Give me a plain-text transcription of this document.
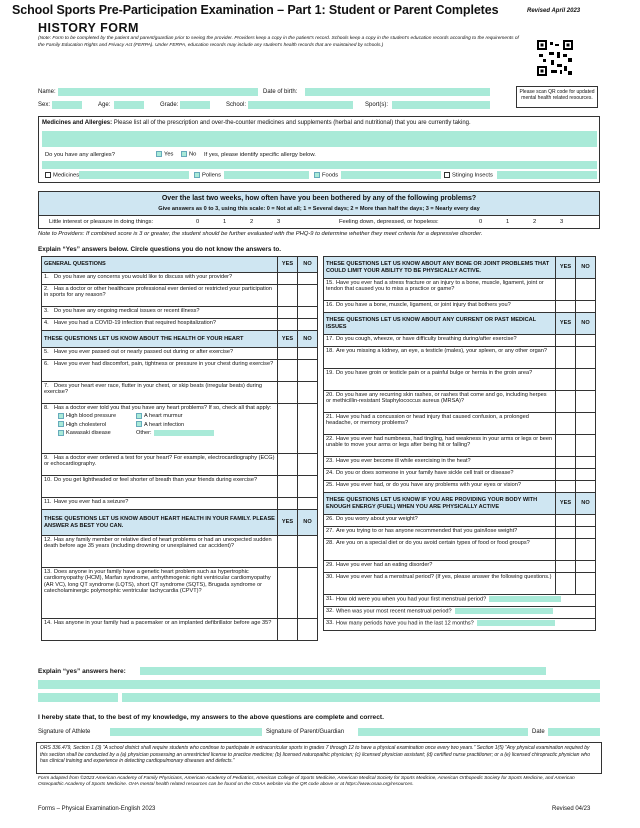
School Sports Pre-Participation Examination – Part 1: Student or Parent Completes	Revised April 2023
HISTORY FORM
(Note: Form to be completed by the patient and parent/guardian prior to seeing the provider. Providers keep a copy in the patient's record. Schools keep a copy in the student's education records according to the requirements of the Family Education Rights and Privacy Act (FERPA). Under FERPA, education records may include any student's health records that are maintained by schools.)
Please scan QR code for updated mental health related resources.
Name:	Date of birth:
Sex:	Age:	Grade:	School:	Sport(s):
Medicines and Allergies: Please list all of the prescription and over-the-counter medicines and supplements (herbal and nutritional) that you are currently taking.
Do you have any allergies?	Yes	No If yes, please identify specific allergy below.
Medicines	Pollens	Foods	Stinging Insects
Over the last two weeks, how often have you been bothered by any of the following problems?
Give answers as 0 to 3, using this scale: 0 = Not at all; 1 = Several days; 2 = More than half the days; 3 = Nearly every day
Little interest or pleasure in doing things:	0	1	2	3	Feeling down, depressed, or hopeless:	0	1	2	3
Note to Providers: If combined score is 3 or greater, the student should be further evaluated with the PHQ-9 to determine whether they meet criteria for a depressive disorder.
Explain “Yes” answers below. Circle questions you do not know the answers to.
GENERAL QUESTIONS	YES	NO
1. Do you have any concerns you would like to discuss with your provider?		
2. Has a doctor or other healthcare professional ever denied or restricted your participation in sports for any reason?		
3. Do you have any ongoing medical issues or recent illness?		
4. Have you had a COVID-19 infection that required hospitalization?		
THESE QUESTIONS LET US KNOW ABOUT THE HEALTH OF YOUR HEART	YES	NO
5. Have you ever passed out or nearly passed out during or after exercise?		
6. Have you ever had discomfort, pain, tightness or pressure in your chest during exercise?		
7. Does your heart ever race, flutter in your chest, or skip beats (irregular beats) during exercise?		
8. Has a doctor ever told you that you have any heart problems? If so, check all that apply:
High blood pressure A heart murmur
High cholesterol A heart infection
Kawasaki disease Other:		

9. Has a doctor ever ordered a test for your heart? For example, electrocardiography (ECG) or echocardiography.		
10. Do you get lightheaded or feel shorter of breath than your friends during exercise?		
11. Have you ever had a seizure?		
THESE QUESTIONS LET US KNOW ABOUT HEART HEALTH IN YOUR FAMILY. PLEASE ANSWER AS BEST YOU CAN.	YES	NO
12. Has any family member or relative died of heart problems or had an unexpected sudden death before age 35 years (including drowning or unexplained car accident)?		
13. Does anyone in your family have a genetic heart problem such as hypertrophic cardiomyopathy (HCM), Marfan syndrome, arrhythmogenic right ventricular cardiomyopathy (AR VC), long QT syndrome (LQTS), short QT syndrome (SQTS), Brugada syndrome or catecholaminergic polymorphic ventricular tachycardia (CPVT)?		
14. Has anyone in your family had a pacemaker or an implanted defibrillator before age 35?		
THESE QUESTIONS LET US KNOW ABOUT ANY BONE OR JOINT PROBLEMS THAT COULD LIMIT YOUR ABILITY TO BE PHYSICALLY ACTIVE.	YES	NO
15. Have you ever had a stress fracture or an injury to a bone, muscle, ligament, joint or tendon that caused you to miss a practice or game?		
16. Do you have a bone, muscle, ligament, or joint injury that bothers you?		
THESE QUESTIONS LET US KNOW ABOUT ANY CURRENT OR PAST MEDICAL ISSUES	YES	NO
17. Do you cough, wheeze, or have difficulty breathing during/after exercise?		
18. Are you missing a kidney, an eye, a testicle (males), your spleen, or any other organ?		
19. Do you have groin or testicle pain or a painful bulge or hernia in the groin area?		
20. Do you have any recurring skin rashes, or rashes that come and go, including herpes or methicillin-resistant Staphylococcus aureus (MRSA)?		
21. Have you had a concussion or head injury that caused confusion, a prolonged headache, or memory problems?		
22. Have you ever had numbness, had tingling, had weakness in your arms or legs or been unable to move your arms or legs after being hit or falling?		
23. Have you ever become ill while exercising in the heat?		
24. Do you or does someone in your family have sickle cell trait or disease?		
25. Have you ever had, or do you have any problems with your eyes or vision?		
THESE QUESTIONS LET US KNOW IF YOU ARE PROVIDING YOUR BODY WITH ENOUGH ENERGY (FUEL) WHEN YOU ARE PHYSICALLY ACTIVE	YES	NO
26. Do you worry about your weight?		
27. Are you trying to or has anyone recommended that you gain/lose weight?		
28. Are you on a special diet or do you avoid certain types of food or food groups?		
29. Have you ever had an eating disorder?		
30. Have you ever had a menstrual period? (If yes, please answer the following questions.)		
31. How old were you when you had your first menstrual period?		
32. When was your most recent menstrual period?		
33. How many periods have you had in the last 12 months?		
Explain “yes” answers here:
I hereby state that, to the best of my knowledge, my answers to the above questions are complete and correct.
Signature of Athlete	Signature of Parent/Guardian	Date
ORS 336.479, Section 1 (3) “A school district shall require students who continue to participate in extracurricular sports in grades 7 through 12 to have a physical examination once every two years.” Section 1(5) “Any physical examination required by this section shall be conducted by a (a) physician possessing an unrestricted license to practice medicine; (b) licensed naturopathic physician; (c) licensed physician assistant; (d) certified nurse practitioner; or a (e) licensed chiropractic physician who has clinical training and experience in detecting cardiopulmonary diseases and defects.”
Form adapted from ©2023 American Academy of Family Physicians, American Academy of Pediatrics, American College of Sports Medicine, American Medical Society for Sports Medicine, American Orthopedic Society for Sports Medicine, and American Osteopathic Academy of Sports Medicine. OHA mental health related resources can be found on the OSAA website via the QR code above or at https://www.osaa.org/resources.
Forms – Physical Examination-English 2023	Revised 04/23
